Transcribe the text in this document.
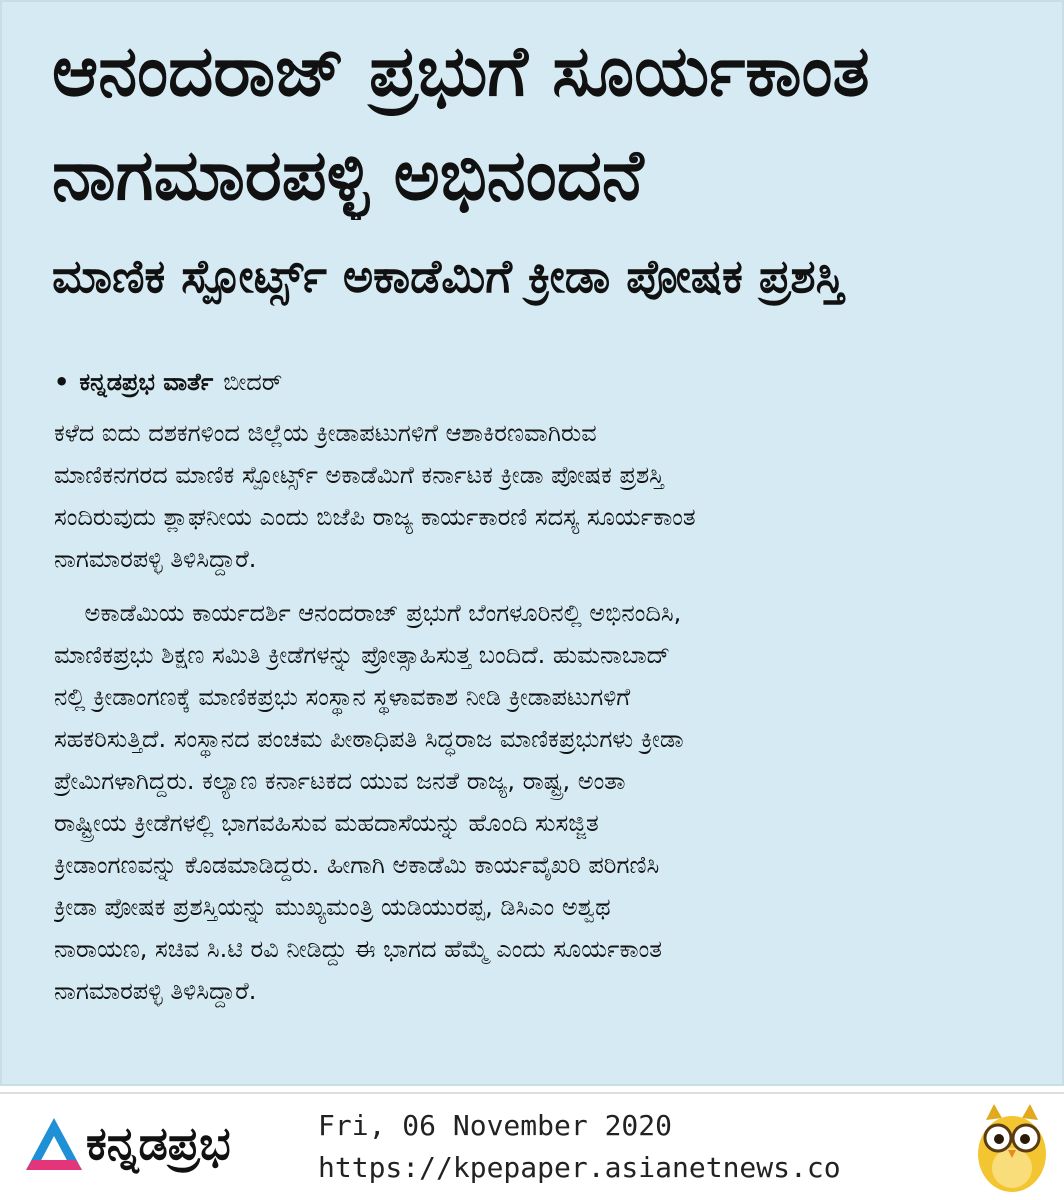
ಆನಂದರಾಜ್ ಪ್ರಭುಗೆ ಸೂರ್ಯಕಾಂತ
ನಾಗಮಾರಪಳ್ಳಿ ಅಭಿನಂದನೆ
ಮಾಣಿಕ ಸ್ಪೋರ್ಟ್ಸ್ ಅಕಾಡೆಮಿಗೆ ಕ್ರೀಡಾ ಪೋಷಕ ಪ್ರಶಸ್ತಿ
• ಕನ್ನಡಪ್ರಭ ವಾರ್ತೆ ಬೀದರ್
ಕಳೆದ ಐದು ದಶಕಗಳಿಂದ ಜಿಲ್ಲೆಯ ಕ್ರೀಡಾಪಟುಗಳಿಗೆ ಆಶಾಕಿರಣವಾಗಿರುವ
ಮಾಣಿಕನಗರದ ಮಾಣಿಕ ಸ್ಪೋರ್ಟ್ಸ್ ಅಕಾಡೆಮಿಗೆ ಕರ್ನಾಟಕ ಕ್ರೀಡಾ ಪೋಷಕ ಪ್ರಶಸ್ತಿ
ಸಂದಿರುವುದು ಶ್ಲಾಘನೀಯ ಎಂದು ಬಿಜೆಪಿ ರಾಜ್ಯ ಕಾರ್ಯಕಾರಣಿ ಸದಸ್ಯ ಸೂರ್ಯಕಾಂತ
ನಾಗಮಾರಪಳ್ಳಿ ತಿಳಿಸಿದ್ದಾರೆ.
ಅಕಾಡೆಮಿಯ ಕಾರ್ಯದರ್ಶಿ ಆನಂದರಾಜ್ ಪ್ರಭುಗೆ ಬೆಂಗಳೂರಿನಲ್ಲಿ ಅಭಿನಂದಿಸಿ,
ಮಾಣಿಕಪ್ರಭು ಶಿಕ್ಷಣ ಸಮಿತಿ ಕ್ರೀಡೆಗಳನ್ನು ಪ್ರೋತ್ಸಾಹಿಸುತ್ತ ಬಂದಿದೆ. ಹುಮನಾಬಾದ್
ನಲ್ಲಿ ಕ್ರೀಡಾಂಗಣಕ್ಕೆ ಮಾಣಿಕಪ್ರಭು ಸಂಸ್ಥಾನ ಸ್ಥಳಾವಕಾಶ ನೀಡಿ ಕ್ರೀಡಾಪಟುಗಳಿಗೆ
ಸಹಕರಿಸುತ್ತಿದೆ. ಸಂಸ್ಥಾನದ ಪಂಚಮ ಪೀಠಾಧಿಪತಿ ಸಿದ್ಧರಾಜ ಮಾಣಿಕಪ್ರಭುಗಳು ಕ್ರೀಡಾ
ಪ್ರೇಮಿಗಳಾಗಿದ್ದರು. ಕಲ್ಯಾಣ ಕರ್ನಾಟಕದ ಯುವ ಜನತೆ ರಾಜ್ಯ, ರಾಷ್ಟ್ರ, ಅಂತಾ
ರಾಷ್ಟ್ರೀಯ ಕ್ರೀಡೆಗಳಲ್ಲಿ ಭಾಗವಹಿಸುವ ಮಹದಾಸೆಯನ್ನು ಹೊಂದಿ ಸುಸಜ್ಜಿತ
ಕ್ರೀಡಾಂಗಣವನ್ನು ಕೊಡಮಾಡಿದ್ದರು. ಹೀಗಾಗಿ ಅಕಾಡೆಮಿ ಕಾರ್ಯವೈಖರಿ ಪರಿಗಣಿಸಿ
ಕ್ರೀಡಾ ಪೋಷಕ ಪ್ರಶಸ್ತಿಯನ್ನು ಮುಖ್ಯಮಂತ್ರಿ ಯಡಿಯುರಪ್ಪ, ಡಿಸಿಎಂ ಅಶ್ವಥ
ನಾರಾಯಣ, ಸಚಿವ ಸಿ.ಟಿ ರವಿ ನೀಡಿದ್ದು ಈ ಭಾಗದ ಹೆಮ್ಮೆ ಎಂದು ಸೂರ್ಯಕಾಂತ
ನಾಗಮಾರಪಳ್ಳಿ ತಿಳಿಸಿದ್ದಾರೆ.
ಕನ್ನಡಪ್ರಭ	Fri, 06 November 2020
https://kpepaper.asianetnews.co
